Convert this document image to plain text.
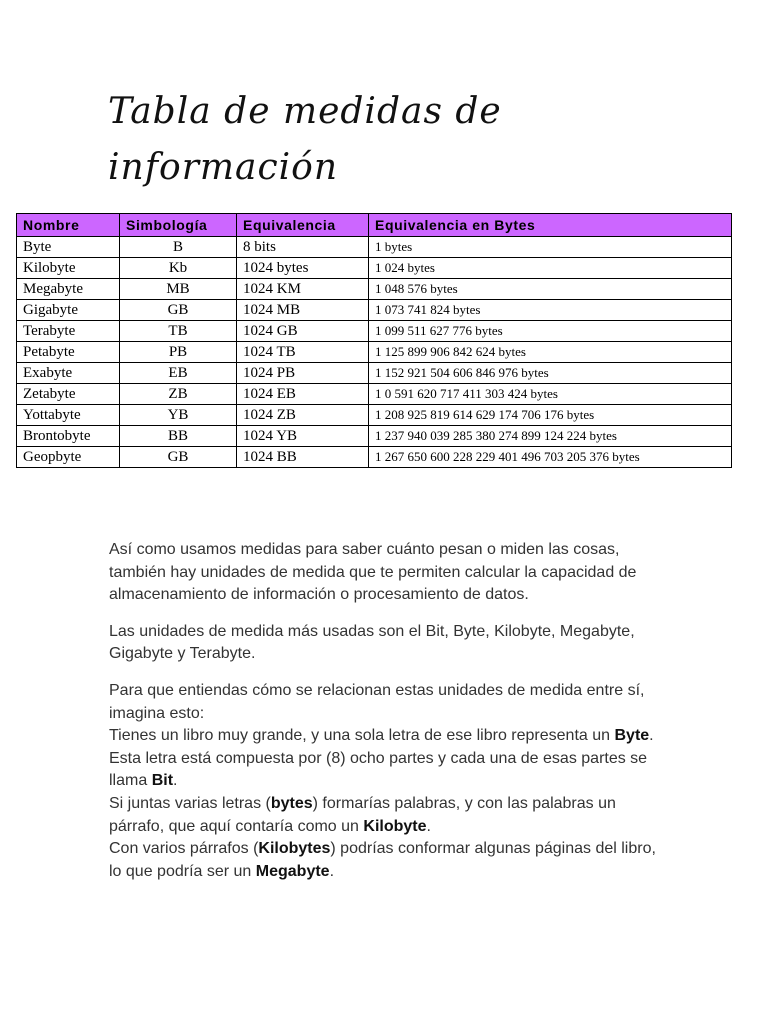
Tabla de medidas de información
Nombre	Simbología	Equivalencia	Equivalencia en Bytes
Byte	B	8 bits	1 bytes
Kilobyte	Kb	1024 bytes	1 024 bytes
Megabyte	MB	1024 KM	1 048 576 bytes
Gigabyte	GB	1024 MB	1 073 741 824 bytes
Terabyte	TB	1024 GB	1 099 511 627 776 bytes
Petabyte	PB	1024 TB	1 125 899 906 842 624 bytes
Exabyte	EB	1024 PB	1 152 921 504 606 846 976 bytes
Zetabyte	ZB	1024 EB	1 0 591 620 717 411 303 424 bytes
Yottabyte	YB	1024 ZB	1 208 925 819 614 629 174 706 176 bytes
Brontobyte	BB	1024 YB	1 237 940 039 285 380 274 899 124 224 bytes
Geopbyte	GB	1024 BB	1 267 650 600 228 229 401 496 703 205 376 bytes

Así como usamos medidas para saber cuánto pesan o miden las cosas, también hay unidades de medida que te permiten calcular la capacidad de almacenamiento de información o procesamiento de datos.

Las unidades de medida más usadas son el Bit, Byte, Kilobyte, Megabyte, Gigabyte y Terabyte.

Para que entiendas cómo se relacionan estas unidades de medida entre sí, imagina esto:
Tienes un libro muy grande, y una sola letra de ese libro representa un Byte. Esta letra está compuesta por (8) ocho partes y cada una de esas partes se llama Bit.
Si juntas varias letras (bytes) formarías palabras, y con las palabras un párrafo, que aquí contaría como un Kilobyte.
Con varios párrafos (Kilobytes) podrías conformar algunas páginas del libro, lo que podría ser un Megabyte.
